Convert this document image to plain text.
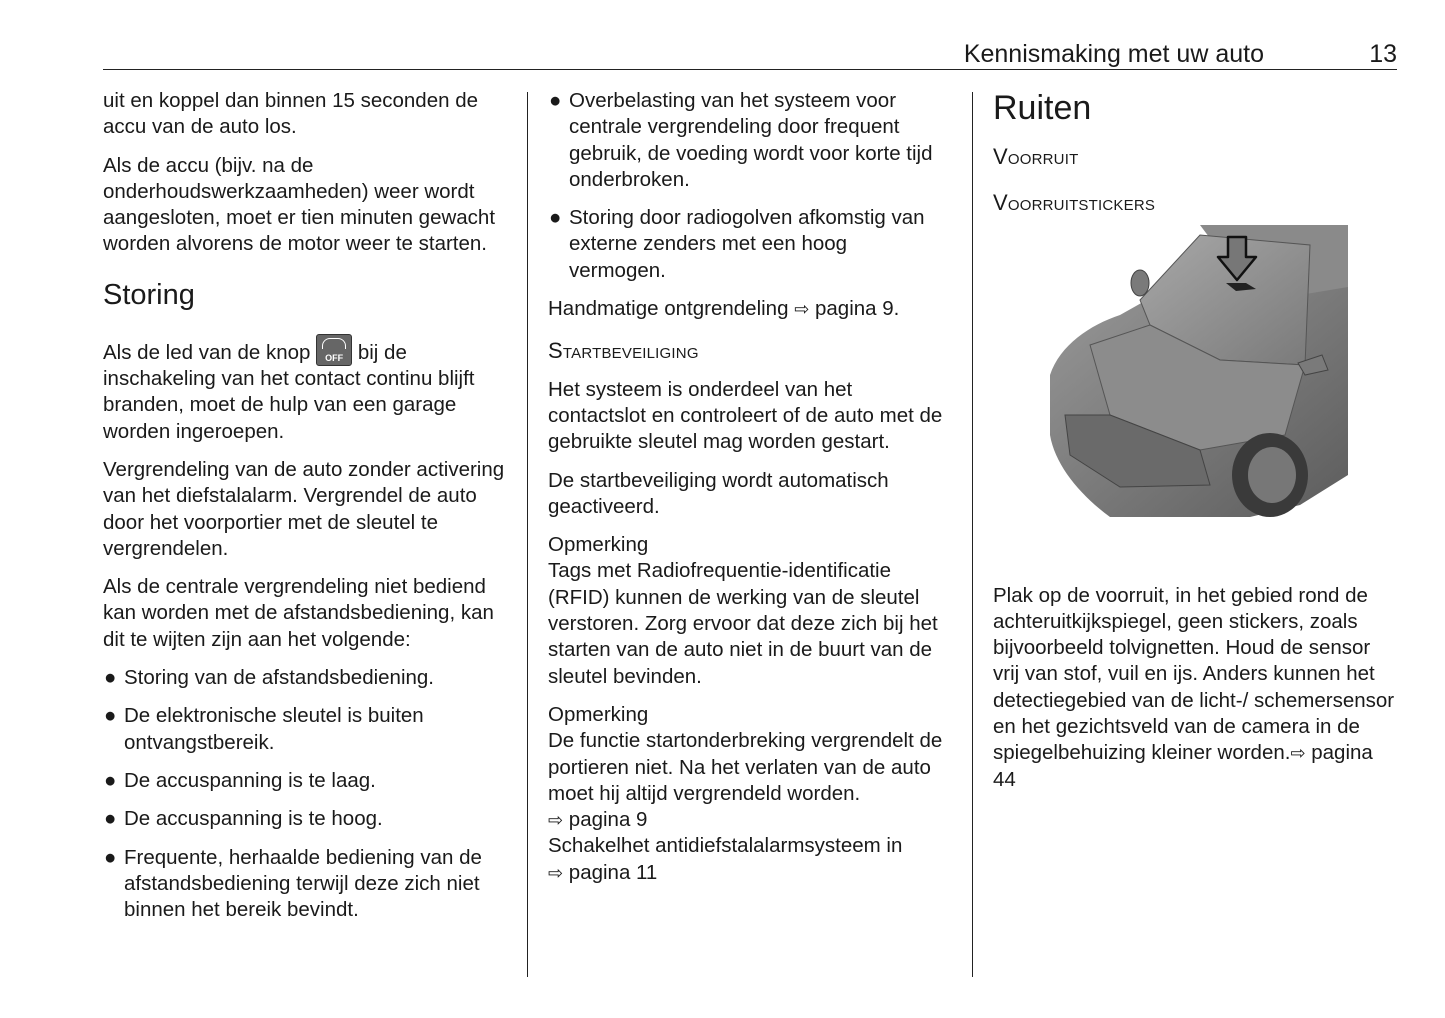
Kennismaking met uw auto	13

uit en koppel dan binnen 15 seconden de accu van de auto los.

Als de accu (bijv. na de onderhoudswerkzaamheden) weer wordt aangesloten, moet er tien minuten gewacht worden alvorens de motor weer te starten.

Storing

Als de led van de knop	OFF bij de inschakeling van het contact continu blijft branden, moet de hulp van een garage worden ingeroepen.

Vergrendeling van de auto zonder activering van het diefstalalarm. Vergrendel de auto door het voorportier met de sleutel te vergrendelen.

Als de centrale vergrendeling niet bediend kan worden met de afstandsbediening, kan dit te wijten zijn aan het volgende:

● Storing van de afstandsbediening.
● De elektronische sleutel is buiten ontvangstbereik.
● De accuspanning is te laag.
● De accuspanning is te hoog.
● Frequente, herhaalde bediening van de afstandsbediening terwijl deze zich niet binnen het bereik bevindt.
● Overbelasting van het systeem voor centrale vergrendeling door frequent gebruik, de voeding wordt voor korte tijd onderbroken.
● Storing door radiogolven afkomstig van externe zenders met een hoog vermogen.

Handmatige ontgrendeling ⇨ pagina 9.

Startbeveiliging

Het systeem is onderdeel van het contactslot en controleert of de auto met de gebruikte sleutel mag worden gestart.

De startbeveiliging wordt automatisch geactiveerd.

Opmerking

Tags met Radiofrequentie-identificatie (RFID) kunnen de werking van de sleutel verstoren. Zorg ervoor dat deze zich bij het starten van de auto niet in de buurt van de sleutel bevinden.

Opmerking
De functie startonderbreking vergrendelt de portieren niet. Na het verlaten van de auto moet hij altijd vergrendeld worden.
⇨ pagina 9
Schakelhet antidiefstalalarmsysteem in
⇨ pagina 11
Ruiten
Voorruit
Voorruitstickers

Plak op de voorruit, in het gebied rond de achteruitkijkspiegel, geen stickers, zoals bijvoorbeeld tolvignetten. Houd de sensor vrij van stof, vuil en ijs. Anders kunnen het detectiegebied van de licht-/ schemersensor en het gezichtsveld van de camera in de spiegelbehuizing kleiner worden.⇨ pagina 44
